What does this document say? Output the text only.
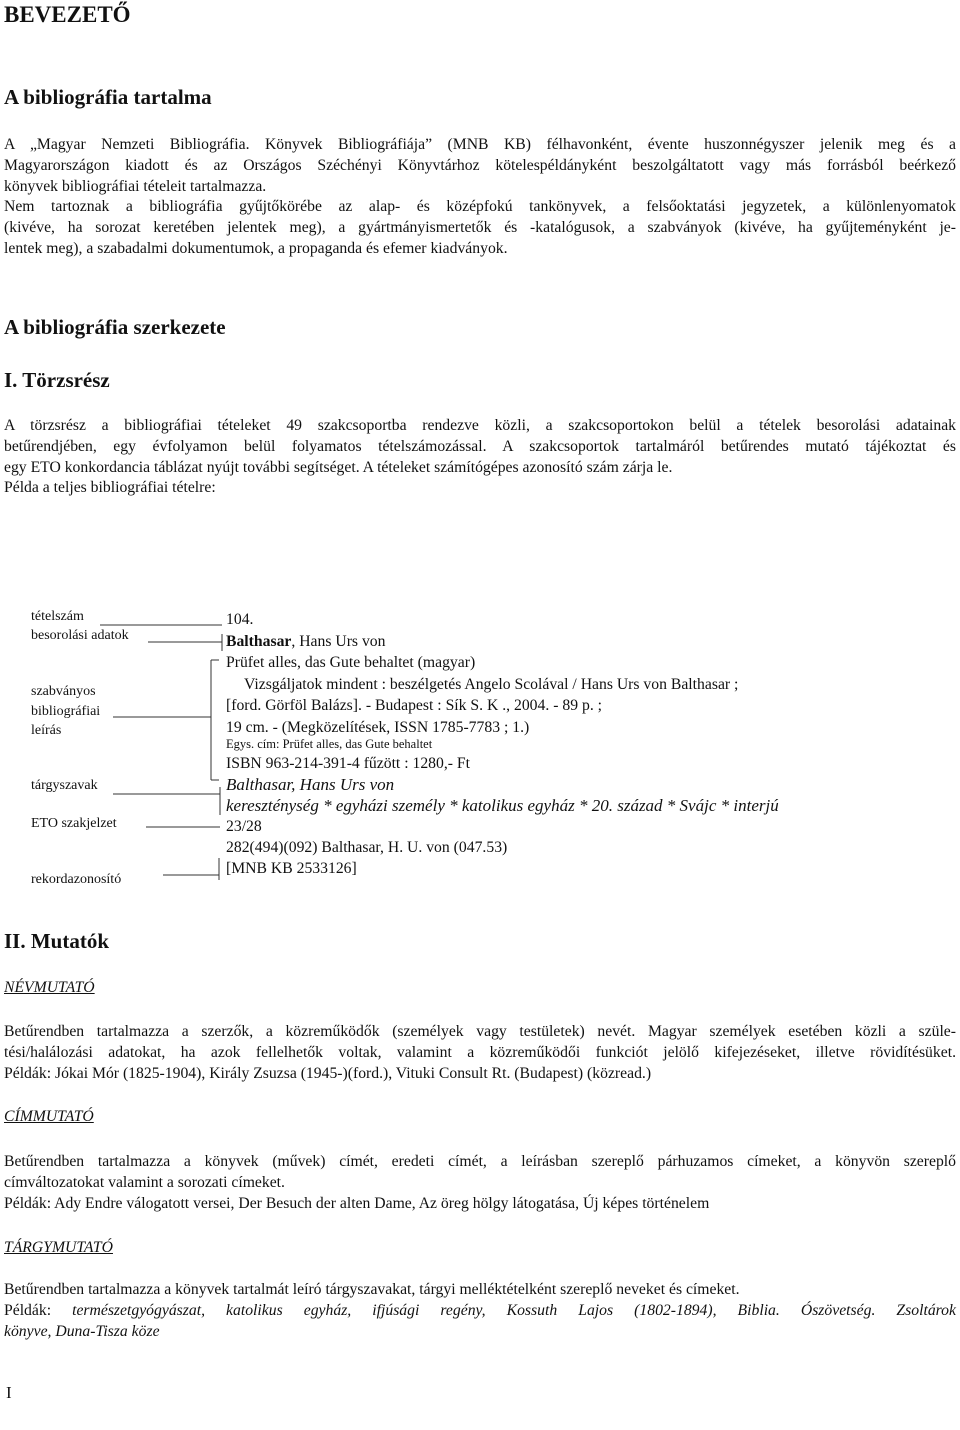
BEVEZETŐ
A bibliográfia tartalma
A „Magyar Nemzeti Bibliográfia. Könyvek Bibliográfiája” (MNB KB) félhavonként, évente huszonnégyszer jelenik meg és a
Magyarországon kiadott és az Országos Széchényi Könyvtárhoz kötelespéldányként beszolgáltatott vagy más forrásból beérkező
könyvek bibliográfiai tételeit tartalmazza.
Nem tartoznak a bibliográfia gyűjtőkörébe az alap- és középfokú tankönyvek, a felsőoktatási jegyzetek, a különlenyomatok
(kivéve, ha sorozat keretében jelentek meg), a gyártmányismertetők és -katalógusok, a szabványok (kivéve, ha gyűjteményként je-
lentek meg), a szabadalmi dokumentumok, a propaganda és efemer kiadványok.
A bibliográfia szerkezete
I. Törzsrész
A törzsrész a bibliográfiai tételeket 49 szakcsoportba rendezve közli, a szakcsoportokon belül a tételek besorolási adatainak
betűrendjében, egy évfolyamon belül folyamatos tételszámozással. A szakcsoportok tartalmáról betűrendes mutató tájékoztat és
egy ETO konkordancia táblázat nyújt további segítséget. A tételeket számítógépes azonosító szám zárja le.
Példa a teljes bibliográfiai tételre:
tételszám
besorolási adatok
szabványos
bibliográfiai
leírás
tárgyszavak
ETO szakjelzet
rekordazonosító
104.
Balthasar, Hans Urs von
Prüfet alles, das Gute behaltet (magyar)
Vizsgáljatok mindent : beszélgetés Angelo Scolával / Hans Urs von Balthasar ;
[ford. Görföl Balázs]. - Budapest : Sík S. K ., 2004. - 89 p. ;
19 cm. - (Megközelítések, ISSN 1785-7783 ; 1.)
Egys. cím: Prüfet alles, das Gute behaltet
ISBN 963-214-391-4 fűzött : 1280,- Ft
Balthasar, Hans Urs von
kereszténység * egyházi személy * katolikus egyház * 20. század * Svájc * interjú
23/28
282(494)(092) Balthasar, H. U. von (047.53)
[MNB KB 2533126]
II. Mutatók
NÉVMUTATÓ
Betűrendben tartalmazza a szerzők, a közreműködők (személyek vagy testületek) nevét. Magyar személyek esetében közli a szüle-
tési/halálozási adatokat, ha azok fellelhetők voltak, valamint a közreműködői funkciót jelölő kifejezéseket, illetve rövidítésüket.
Példák: Jókai Mór (1825-1904), Király Zsuzsa (1945-)(ford.), Vituki Consult Rt. (Budapest) (közread.)
CÍMMUTATÓ
Betűrendben tartalmazza a könyvek (művek) címét, eredeti címét, a leírásban szereplő párhuzamos címeket, a könyvön szereplő
címváltozatokat valamint a sorozati címeket.
Példák: Ady Endre válogatott versei, Der Besuch der alten Dame, Az öreg hölgy látogatása, Új képes történelem
TÁRGYMUTATÓ
Betűrendben tartalmazza a könyvek tartalmát leíró tárgyszavakat, tárgyi melléktételként szereplő neveket és címeket.
Példák: természetgyógyászat, katolikus egyház, ifjúsági regény, Kossuth Lajos (1802-1894), Biblia. Ószövetség. Zsoltárok
könyve, Duna-Tisza köze
I
